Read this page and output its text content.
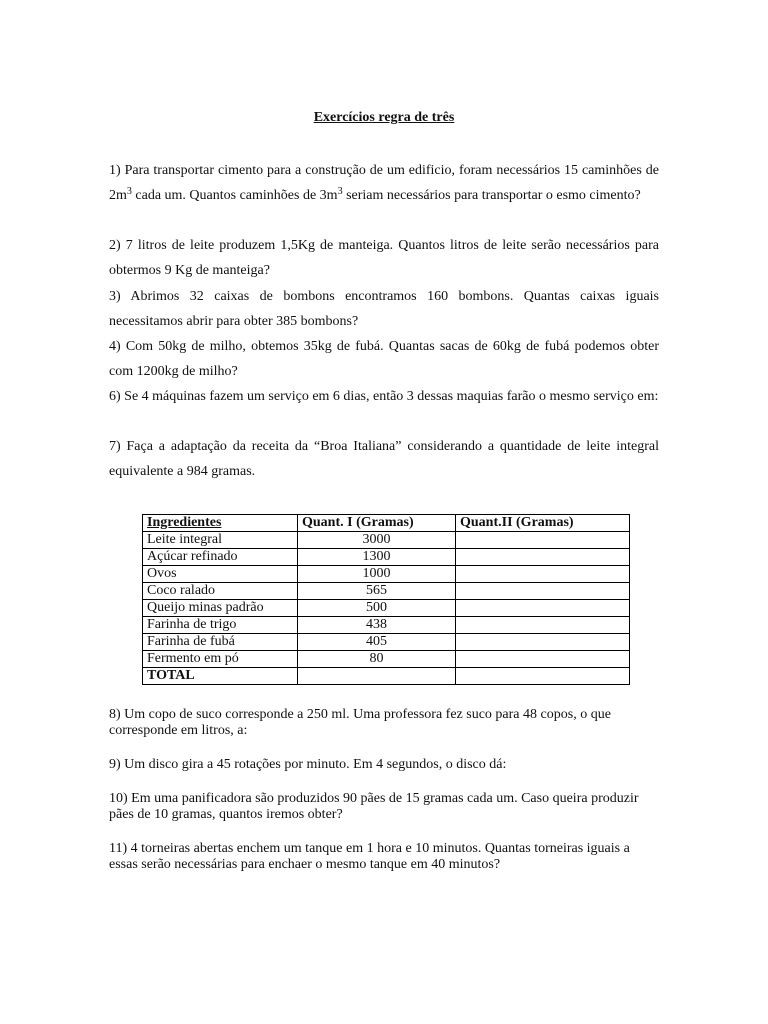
Exercícios regra de três
1) Para transportar cimento para a construção de um edificio, foram necessários 15 caminhões de $2m^3$ cada um. Quantos caminhões de $3m^3$ seriam necessários para transportar o esmo cimento?
2) 7 litros de leite produzem 1,5Kg de manteiga. Quantos litros de leite serão necessários para obtermos 9 Kg de manteiga?
3) Abrimos 32 caixas de bombons encontramos 160 bombons. Quantas caixas iguais necessitamos abrir para obter 385 bombons?
4) Com 50kg de milho, obtemos 35kg de fubá. Quantas sacas de 60kg de fubá podemos obter com 1200kg de milho?
6) Se 4 máquinas fazem um serviço em 6 dias, então 3 dessas maquias farão o mesmo serviço em:
7) Faça a adaptação da receita da “Broa Italiana” considerando a quantidade de leite integral equivalente a 984 gramas.
Ingredientes	Quant. I (Gramas)	Quant.II (Gramas)
Leite integral	3000	
Açúcar refinado	1300	
Ovos	1000	
Coco ralado	565	
Queijo minas padrão	500	
Farinha de trigo	438	
Farinha de fubá	405	
Fermento em pó	80	
TOTAL		
8) Um copo de suco corresponde a 250 ml. Uma professora fez suco para 48 copos, o que corresponde em litros, a:
9) Um disco gira a 45 rotações por minuto. Em 4 segundos, o disco dá:
10) Em uma panificadora são produzidos 90 pães de 15 gramas cada um. Caso queira produzir pães de 10 gramas, quantos iremos obter?
11) 4 torneiras abertas enchem um tanque em 1 hora e 10 minutos. Quantas torneiras iguais a essas serão necessárias para enchaer o mesmo tanque em 40 minutos?
